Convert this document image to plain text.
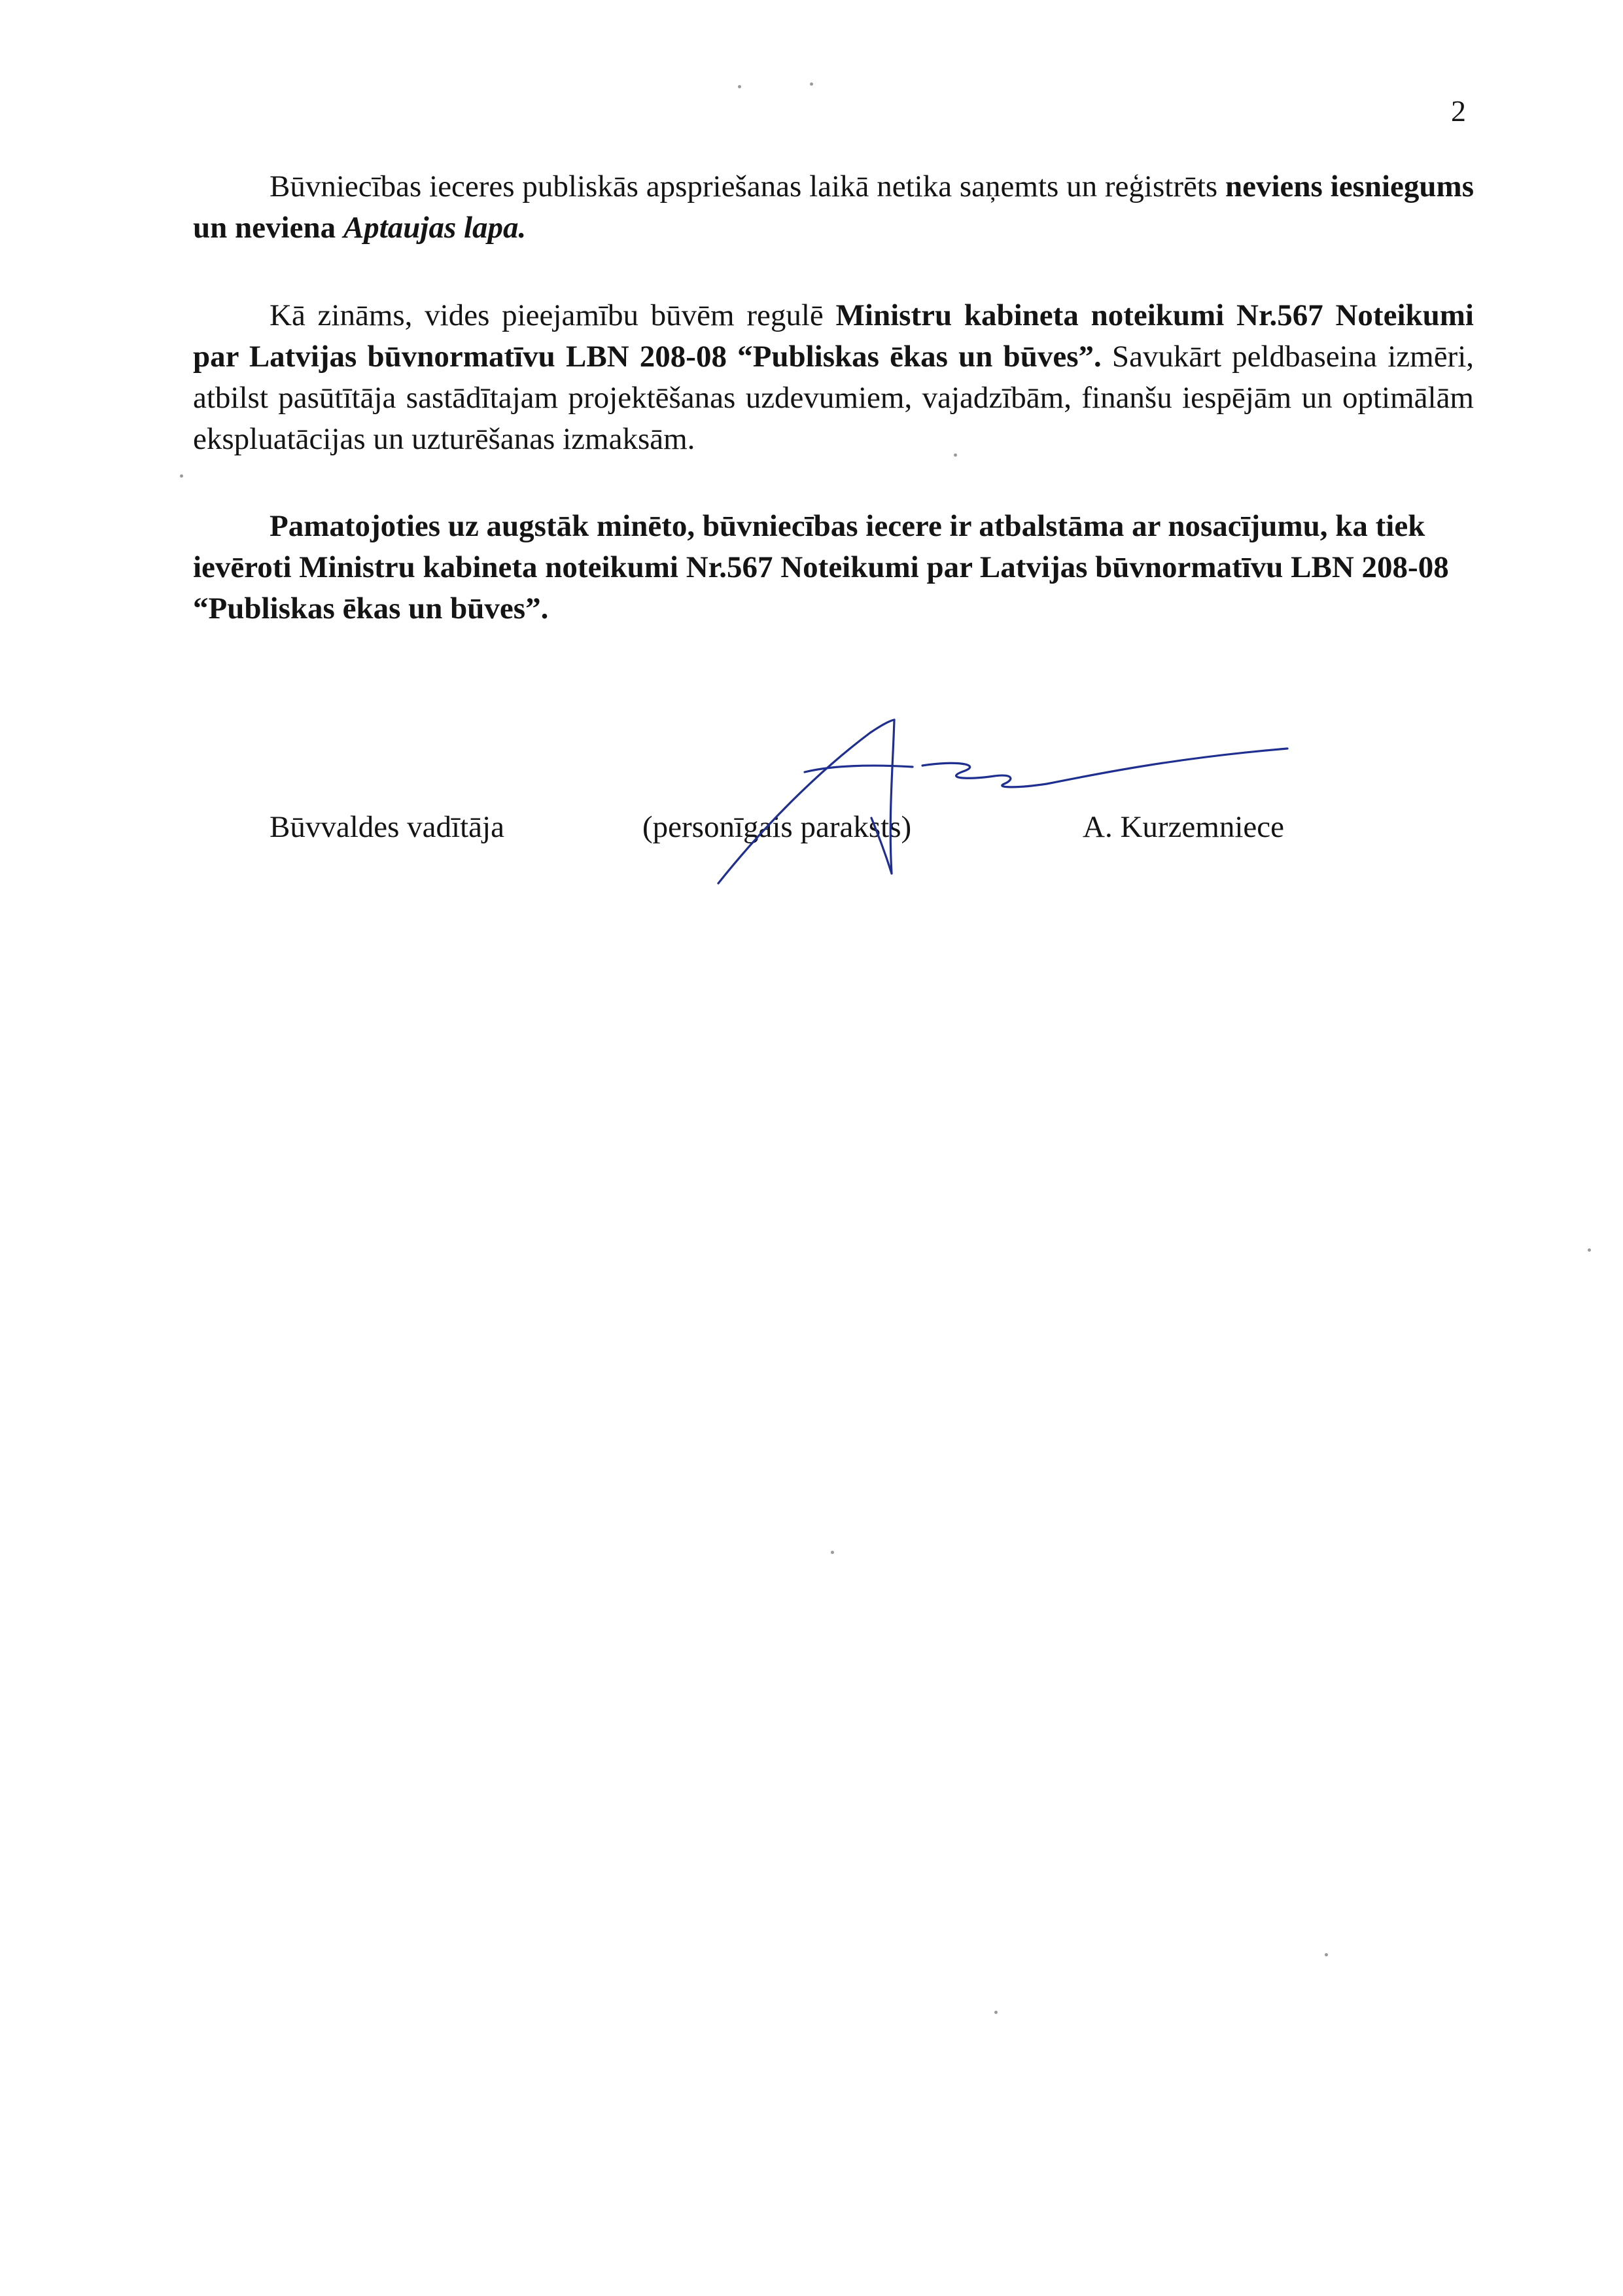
2

Būvniecības ieceres publiskās apspriešanas laikā netika saņemts un reģistrēts neviens iesniegums un neviena Aptaujas lapa.

Kā zināms, vides pieejamību būvēm regulē Ministru kabineta noteikumi Nr.567 Noteikumi par Latvijas būvnormatīvu LBN 208-08 “Publiskas ēkas un būves”. Savukārt peldbaseina izmēri, atbilst pasūtītāja sastādītajam projektēšanas uzdevumiem, vajadzībām, finanšu iespējām un optimālām ekspluatācijas un uzturēšanas izmaksām.

Pamatojoties uz augstāk minēto, būvniecības iecere ir atbalstāma ar nosacījumu, ka tiek ievēroti Ministru kabineta noteikumi Nr.567 Noteikumi par Latvijas būvnormatīvu LBN 208-08 “Publiskas ēkas un būves”.

Būvvaldes vadītāja	(personīgais paraksts)	A. Kurzemniece
